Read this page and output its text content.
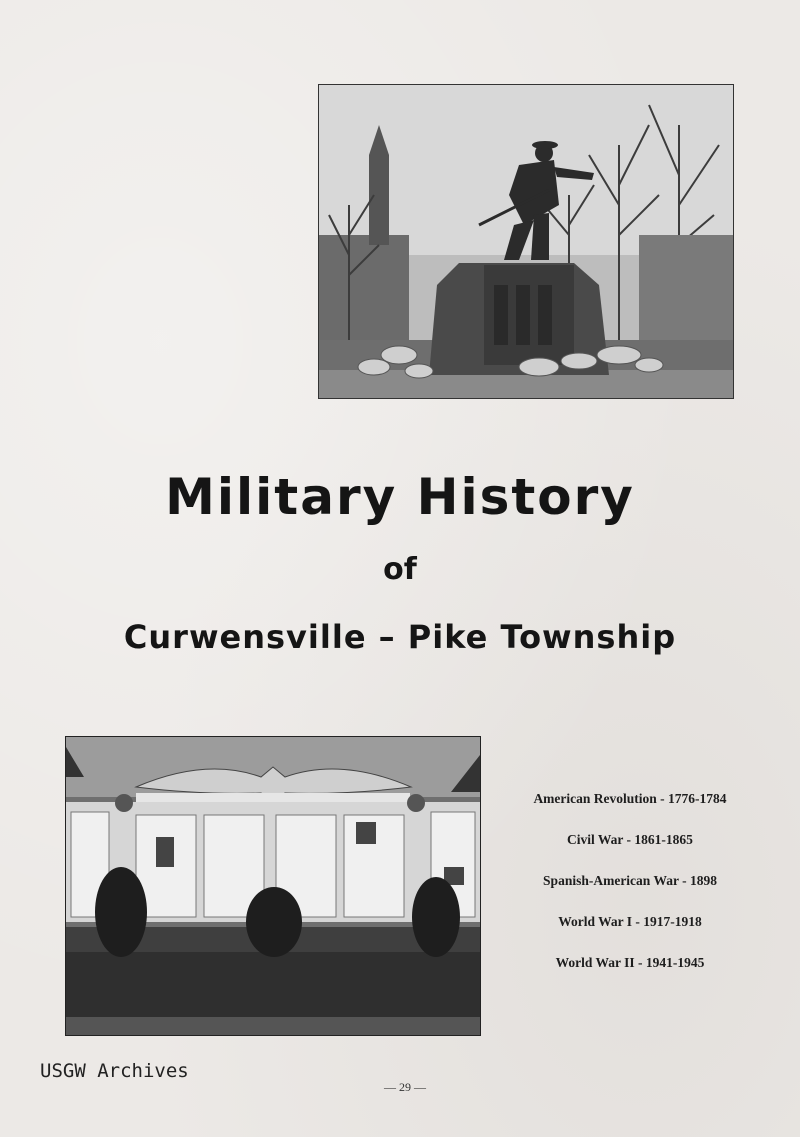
Military History
of
Curwensville – Pike Township
American Revolution - 1776-1784
Civil War - 1861-1865
Spanish-American War - 1898
World War I - 1917-1918
World War II - 1941-1945
USGW Archives
— 29 —
